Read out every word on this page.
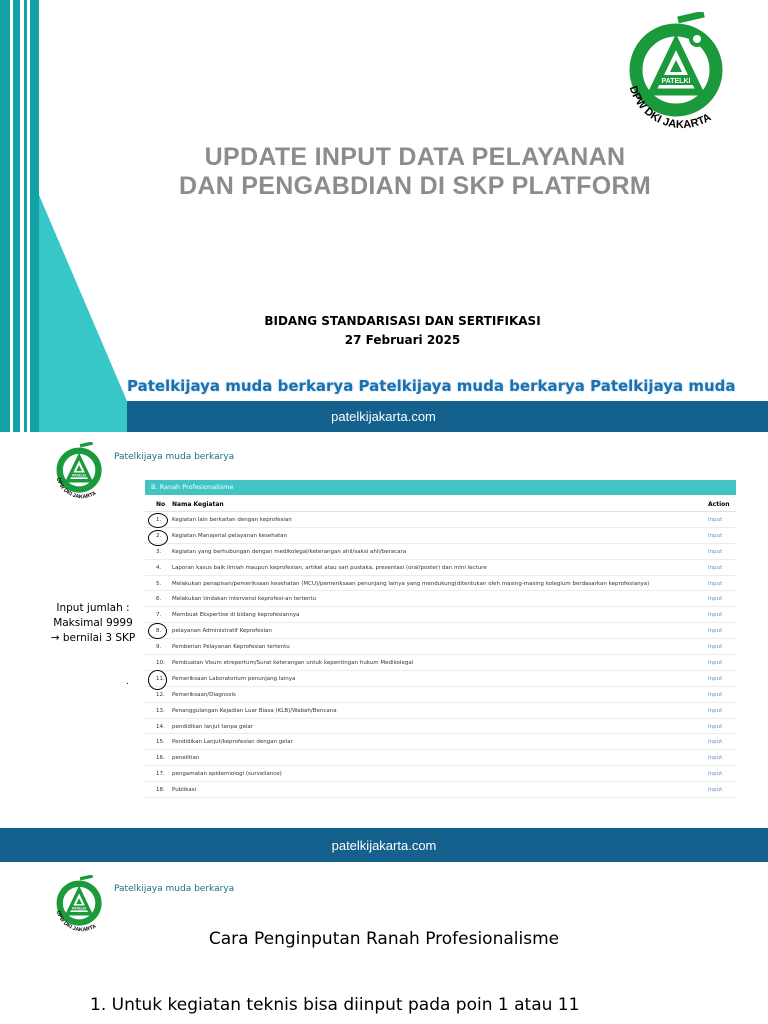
PATELKI
DPW DKI JAKARTA
UPDATE INPUT DATA PELAYANAN
DAN PENGABDIAN DI SKP PLATFORM
BIDANG STANDARISASI DAN SERTIFIKASI
27 Februari 2025
Patelkijaya muda berkarya Patelkijaya muda berkarya Patelkijaya muda
patelkijakarta.com
PATELKI
DPW DKI JAKARTA
Patelkijaya muda berkarya
B. Ranah Profesionalisme
No Nama Kegiatan	Action
1. Kegiatan lain berkaitan dengan keprofesian	Input
2. Kegiatan Manajerial pelayanan kesehatan	Input
3. Kegiatan yang berhubungan dengan medikolegal/keterangan ahli/saksi ahli/beracara	Input
4. Laporan kasus baik ilmiah maupun keprofesian, artikel atau sari pustaka, presentasi (oral/poster) dan mini lecture	Input
5. Melakukan penapisan/pemeriksaan kesehatan (MCU)/pemeriksaan penunjang lainya yang mendukung(ditentukan oleh masing-masing kolegium berdasarkan keprofesianya)	Input
6. Melakukan tindakan intervensi keprofesi-an tertentu	Input
7. Membuat Ekspertise di bidang keprofesiannya	Input
8. pelayanan Administratif Keprofesian	Input
9. Pemberian Pelayanan Keprofesian tertentu	Input
10. Pembuatan Visum etrepertum/Surat keterangan untuk kepentingan hukum Medikolegal	Input
11. Pemeriksaan Laboratorium penunjang lainya	Input
12. Pemeriksaan/Diagnosis	Input
13. Penanggulangan Kejadian Luar Biasa (KLB)/Wabah/Bencana	Input
14. pendidikan lanjut tanpa gelar	Input
15. Pendidikan Lanjut/keprofesian dengan gelar	Input
16. penelitian	Input
17. pengamatan epidemiologi (surveilance)	Input
18. Publikasi	Input
Input jumlah :
Maksimal 9999
→ bernilai 3 SKP
.
patelkijakarta.com
PATELKI
DPW DKI JAKARTA
Patelkijaya muda berkarya
Cara Penginputan Ranah Profesionalisme
1. Untuk kegiatan teknis bisa diinput pada poin 1 atau 11
